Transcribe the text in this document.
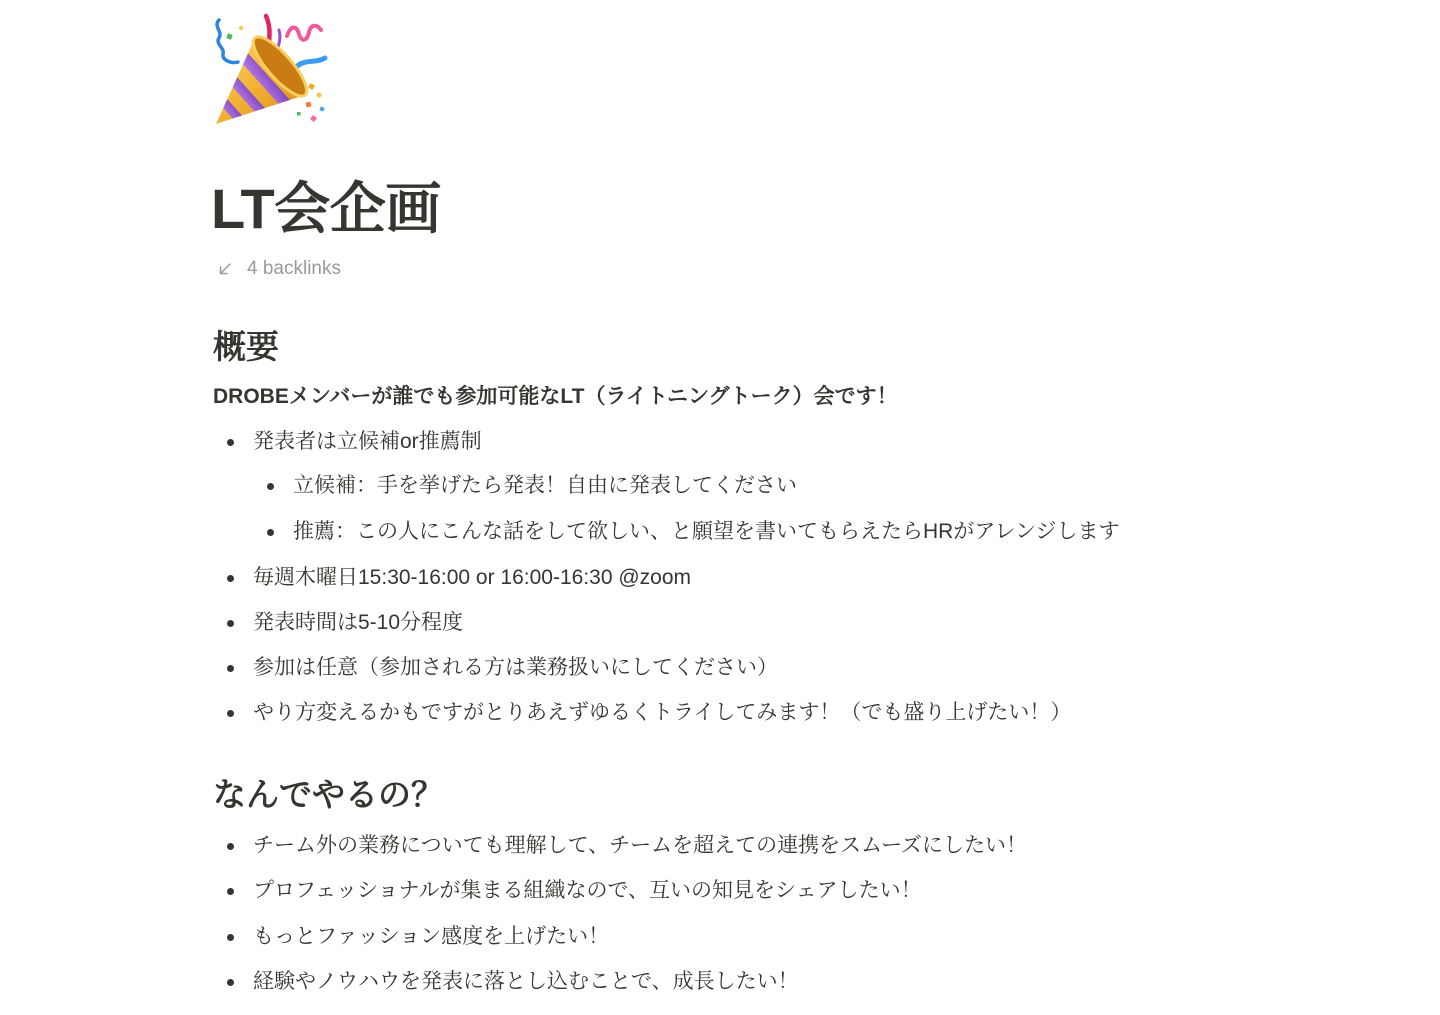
LT会企画
4 backlinks
概要
DROBEメンバーが誰でも参加可能なLT（ライトニングトーク）会です！
発表者は立候補or推薦制
立候補：手を挙げたら発表！自由に発表してください
推薦：この人にこんな話をして欲しい、と願望を書いてもらえたらHRがアレンジします
毎週木曜日15:30-16:00 or 16:00-16:30 @zoom
発表時間は5-10分程度
参加は任意（参加される方は業務扱いにしてください）
やり方変えるかもですがとりあえずゆるくトライしてみます！（でも盛り上げたい！）
なんでやるの？
チーム外の業務についても理解して、チームを超えての連携をスムーズにしたい！
プロフェッショナルが集まる組織なので、互いの知見をシェアしたい！
もっとファッション感度を上げたい！
経験やノウハウを発表に落とし込むことで、成長したい！
